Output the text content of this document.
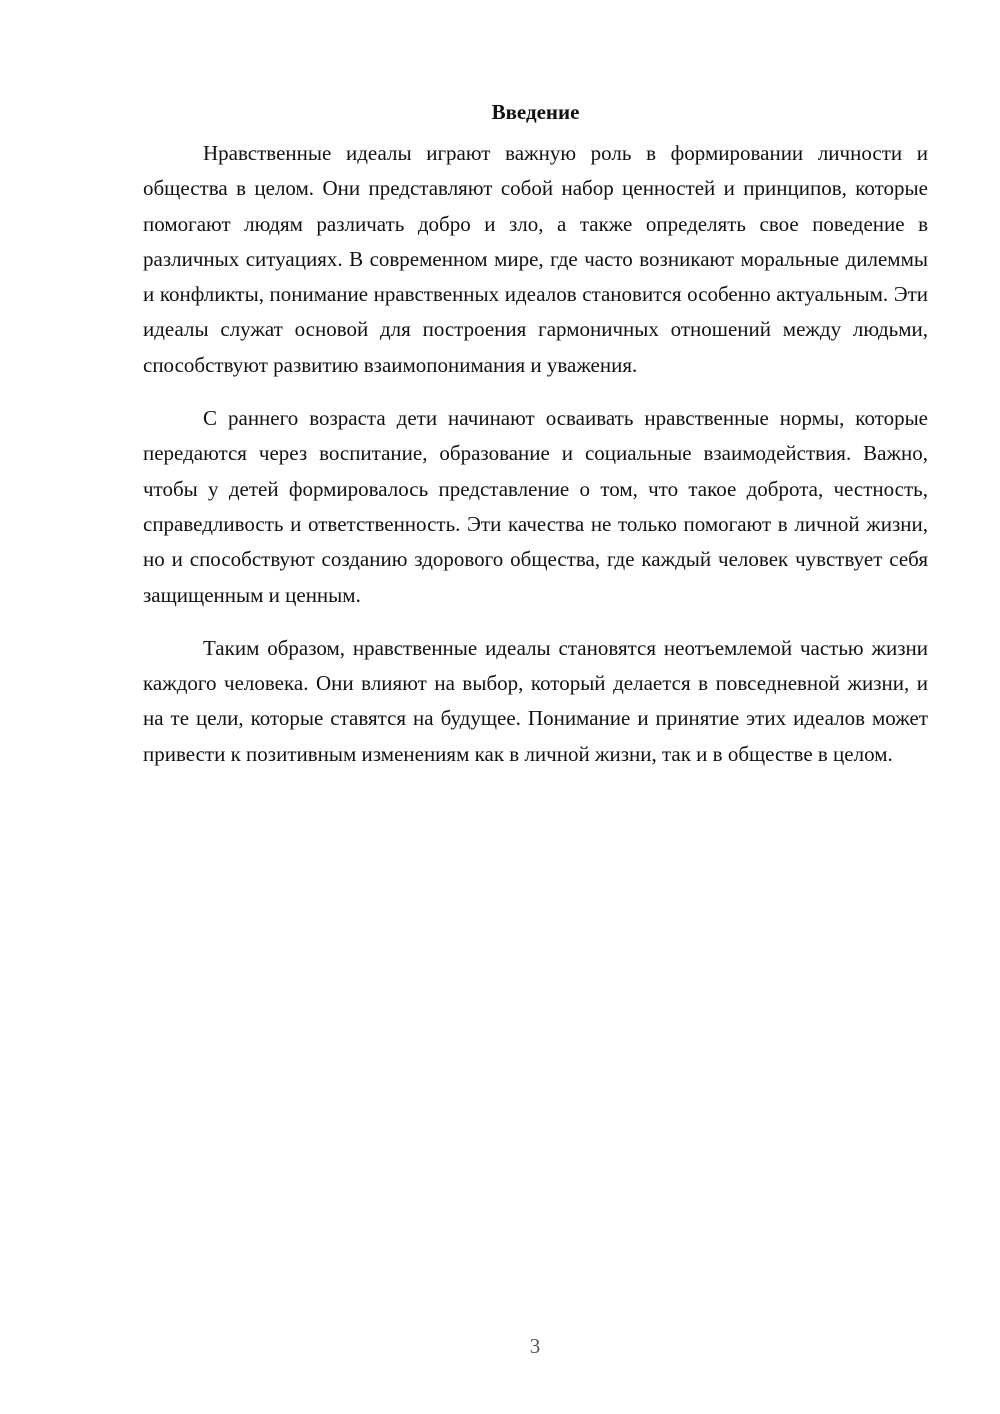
Введение

Нравственные идеалы играют важную роль в формировании личности и общества в целом. Они представляют собой набор ценностей и принципов, которые помогают людям различать добро и зло, а также определять свое поведение в различных ситуациях. В современном мире, где часто возникают моральные дилеммы и конфликты, понимание нравственных идеалов становится особенно актуальным. Эти идеалы служат основой для построения гармоничных отношений между людьми, способствуют развитию взаимопонимания и уважения.

С раннего возраста дети начинают осваивать нравственные нормы, которые передаются через воспитание, образование и социальные взаимодействия. Важно, чтобы у детей формировалось представление о том, что такое доброта, честность, справедливость и ответственность. Эти качества не только помогают в личной жизни, но и способствуют созданию здорового общества, где каждый человек чувствует себя защищенным и ценным.

Таким образом, нравственные идеалы становятся неотъемлемой частью жизни каждого человека. Они влияют на выбор, который делается в повседневной жизни, и на те цели, которые ставятся на будущее. Понимание и принятие этих идеалов может привести к позитивным изменениям как в личной жизни, так и в обществе в целом.

3
